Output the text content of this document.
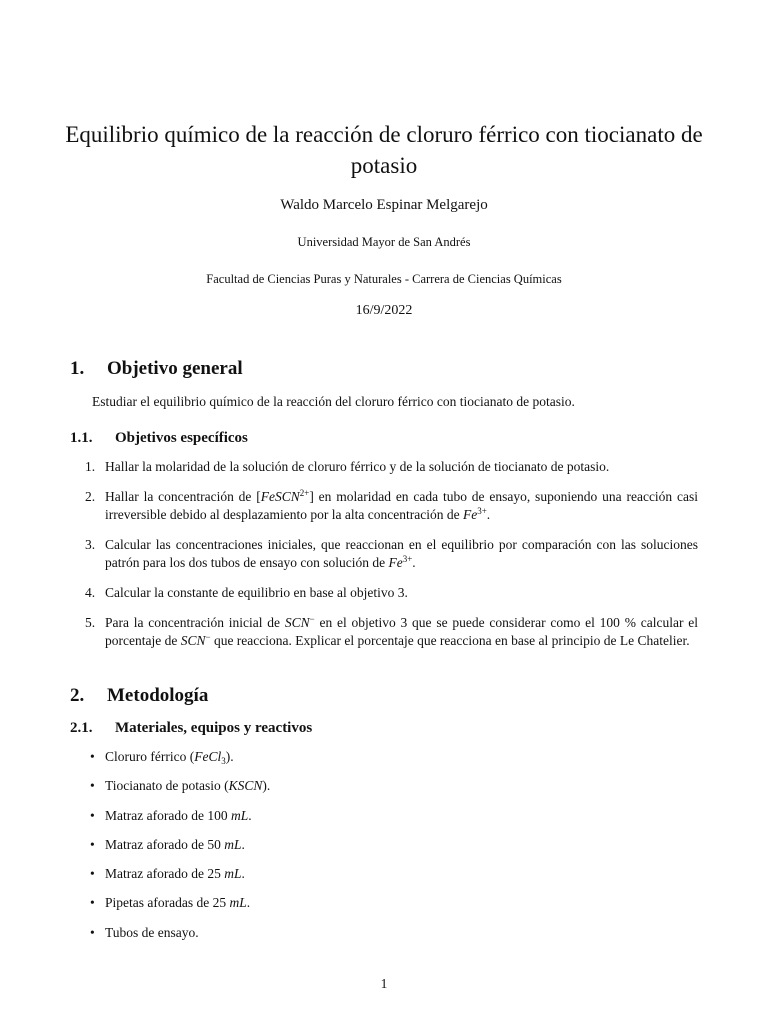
Equilibrio químico de la reacción de cloruro férrico con tiocianato de potasio
Waldo Marcelo Espinar Melgarejo
Universidad Mayor de San Andrés
Facultad de Ciencias Puras y Naturales - Carrera de Ciencias Químicas
16/9/2022
1. Objetivo general

Estudiar el equilibrio químico de la reacción del cloruro férrico con tiocianato de potasio.

1.1. Objetivos específicos
1. Hallar la molaridad de la solución de cloruro férrico y de la solución de tiocianato de potasio.
2. Hallar la concentración de [FeSCN$^{2+}$] en molaridad en cada tubo de ensayo, suponiendo una reacción casi irreversible debido al desplazamiento por la alta concentración de $Fe^{3+}$.
3. Calcular las concentraciones iniciales, que reaccionan en el equilibrio por comparación con las soluciones patrón para los dos tubos de ensayo con solución de $Fe^{3+}$.
4. Calcular la constante de equilibrio en base al objetivo 3.
5. Para la concentración inicial de SCN− en el objetivo 3 que se puede considerar como el 100 % calcular el porcentaje de SCN− que reacciona. Explicar el porcentaje que reacciona en base al principio de Le Chatelier.
2. Metodología
2.1. Materiales, equipos y reactivos
• Cloruro férrico (FeCl$_3$).
• Tiocianato de potasio (KSCN).
• Matraz aforado de 100 mL.
• Matraz aforado de 50 mL.
• Matraz aforado de 25 mL.
• Pipetas aforadas de 25 mL.
• Tubos de ensayo.
1
